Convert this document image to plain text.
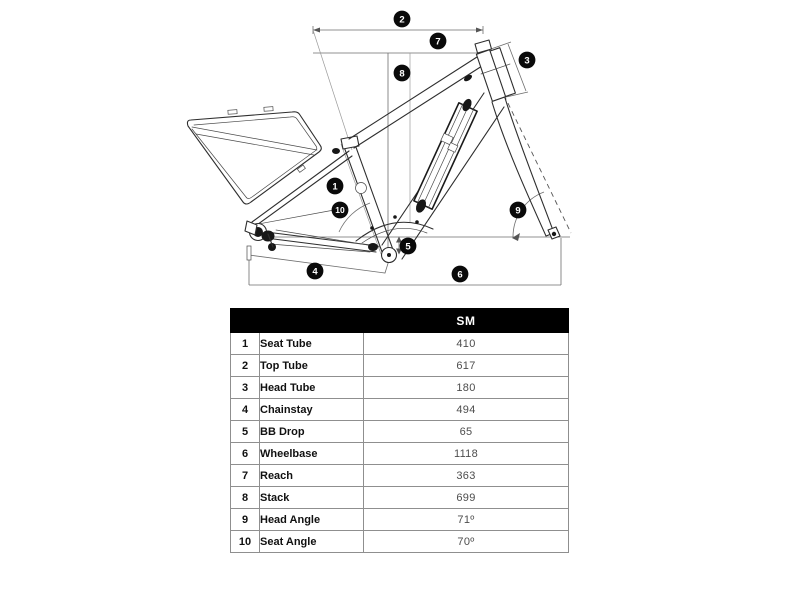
1
2
3
4
5
6
7
8
9
10
		SM
1	Seat Tube	410
2	Top Tube	617
3	Head Tube	180
4	Chainstay	494
5	BB Drop	65
6	Wheelbase	1118
7	Reach	363
8	Stack	699
9	Head Angle	71º
10	Seat Angle	70º
